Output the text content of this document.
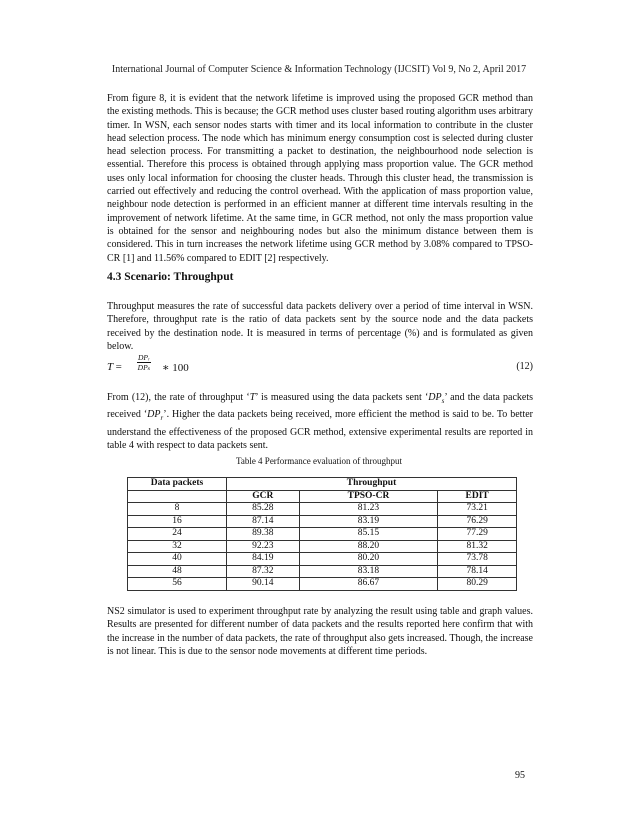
International Journal of Computer Science & Information Technology (IJCSIT) Vol 9, No 2, April 2017

From figure 8, it is evident that the network lifetime is improved using the proposed GCR method than the existing methods. This is because; the GCR method uses cluster based routing algorithm uses arbitrary timer. In WSN, each sensor nodes starts with timer and its local information to contribute in the cluster head selection process. The node which has minimum energy consumption cost is selected during cluster head selection process. For transmitting a packet to destination, the neighbourhood node selection is essential. Therefore this process is obtained through applying mass proportion value. The GCR method uses only local information for choosing the cluster heads. Through this cluster head, the transmission is carried out effectively and reducing the control overhead. With the application of mass proportion value, neighbour node detection is performed in an efficient manner at different time intervals resulting in the improvement of network lifetime. At the same time, in GCR method, not only the mass proportion value is obtained for the sensor and neighbouring nodes but also the minimum distance between them is considered. This in turn increases the network lifetime using GCR method by 3.08% compared to TPSO-CR [1] and 11.56% compared to EDIT [2] respectively.

4.3 Scenario: Throughput

Throughput measures the rate of successful data packets delivery over a period of time interval in WSN. Therefore, throughput rate is the ratio of data packets sent by the source node and the data packets received by the destination node. It is measured in terms of percentage (%) and is formulated as given below.

T =
DPᵣ
DPₛ ∗ 100	(12)

From (12), the rate of throughput ‘T’ is measured using the data packets sent ‘$DP_s$’ and the data packets received ‘$DP_r$’. Higher the data packets being received, more efficient the method is said to be. To better understand the effectiveness of the proposed GCR method, extensive experimental results are reported in table 4 with respect to data packets sent.

Table 4 Performance evaluation of throughput
Data packets	Throughput		
	GCR	TPSO-CR	EDIT
8	85.28	81.23	73.21
16	87.14	83.19	76.29
24	89.38	85.15	77.29
32	92.23	88.20	81.32
40	84.19	80.20	73.78
48	87.32	83.18	78.14
56	90.14	86.67	80.29

NS2 simulator is used to experiment throughput rate by analyzing the result using table and graph values. Results are presented for different number of data packets and the results reported here confirm that with the increase in the number of data packets, the rate of throughput also gets increased. Though, the increase is not linear. This is due to the sensor node movements at different time periods.

95
